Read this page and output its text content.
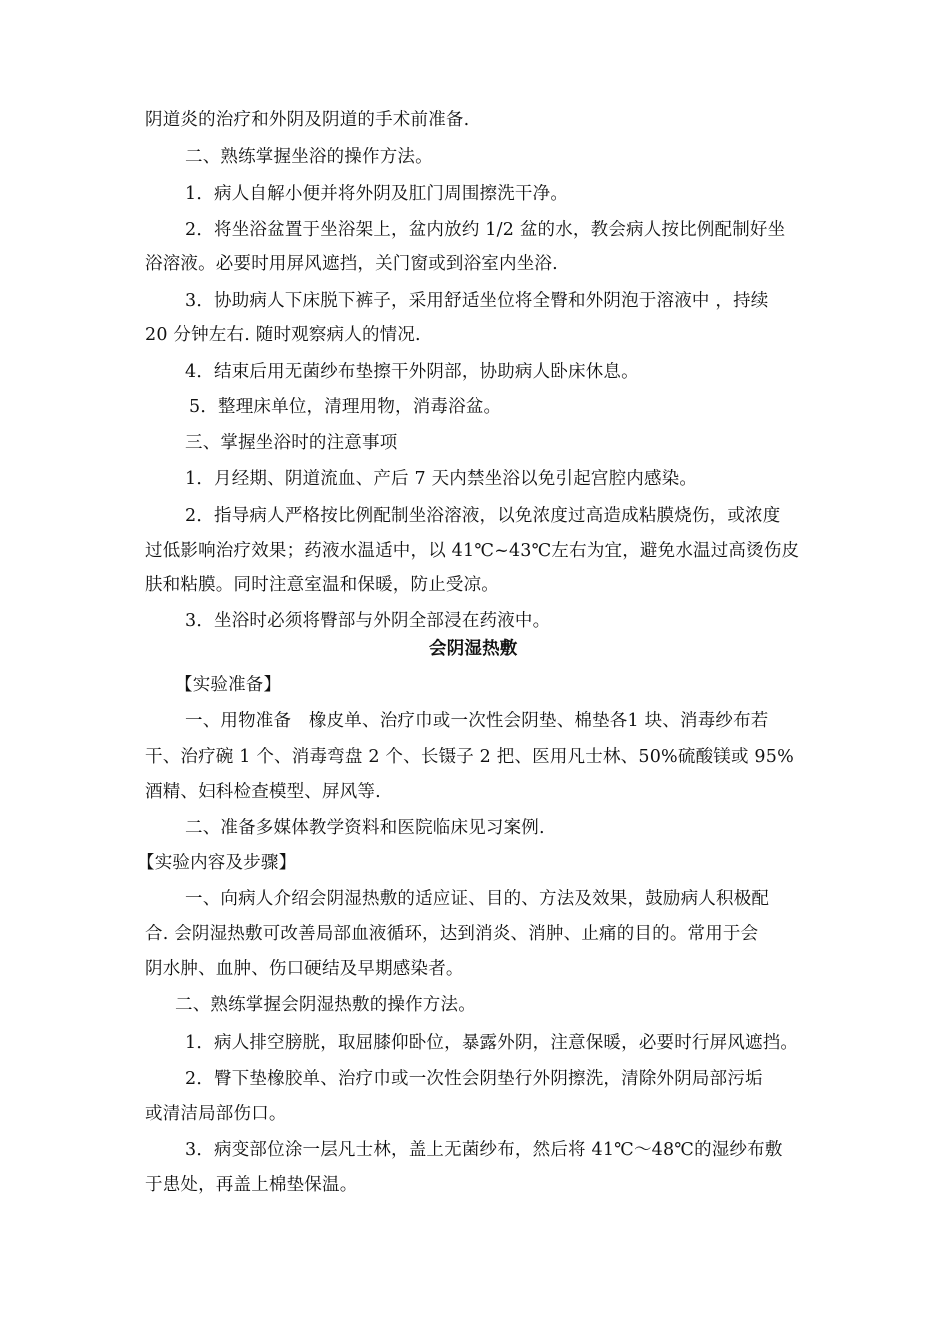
阴道炎的治疗和外阴及阴道的手术前准备.
二、熟练掌握坐浴的操作方法。
1．病人自解小便并将外阴及肛门周围擦洗干净。
2．将坐浴盆置于坐浴架上，盆内放约 1/2 盆的水，教会病人按比例配制好坐
浴溶液。必要时用屏风遮挡，关门窗或到浴室内坐浴.
3．协助病人下床脱下裤子，采用舒适坐位将全臀和外阴泡于溶液中 ，持续
20 分钟左右. 随时观察病人的情况.
4．结束后用无菌纱布垫擦干外阴部，协助病人卧床休息。
5．整理床单位，清理用物，消毒浴盆。
三、掌握坐浴时的注意事项
1．月经期、阴道流血、产后 7 天内禁坐浴以免引起宫腔内感染。
2．指导病人严格按比例配制坐浴溶液，以免浓度过高造成粘膜烧伤，或浓度
过低影响治疗效果；药液水温适中，以 41℃~43℃左右为宜，避免水温过高烫伤皮
肤和粘膜。同时注意室温和保暖，防止受凉。
3．坐浴时必须将臀部与外阴全部浸在药液中。
会阴湿热敷
【实验准备】
一、用物准备　橡皮单、治疗巾或一次性会阴垫、棉垫各1 块、消毒纱布若
干、治疗碗 1 个、消毒弯盘 2 个、长镊子 2 把、医用凡士林、50%硫酸镁或 95%
酒精、妇科检查模型、屏风等.
二、准备多媒体教学资料和医院临床见习案例.
【实验内容及步骤】
一、向病人介绍会阴湿热敷的适应证、目的、方法及效果，鼓励病人积极配
合. 会阴湿热敷可改善局部血液循环，达到消炎、消肿、止痛的目的。常用于会
阴水肿、血肿、伤口硬结及早期感染者。
二、熟练掌握会阴湿热敷的操作方法。
1．病人排空膀胱，取屈膝仰卧位，暴露外阴，注意保暖，必要时行屏风遮挡。
2．臀下垫橡胶单、治疗巾或一次性会阴垫行外阴擦洗，清除外阴局部污垢
或清洁局部伤口。
3．病变部位涂一层凡士林，盖上无菌纱布，然后将 41℃～48℃的湿纱布敷
于患处，再盖上棉垫保温。
